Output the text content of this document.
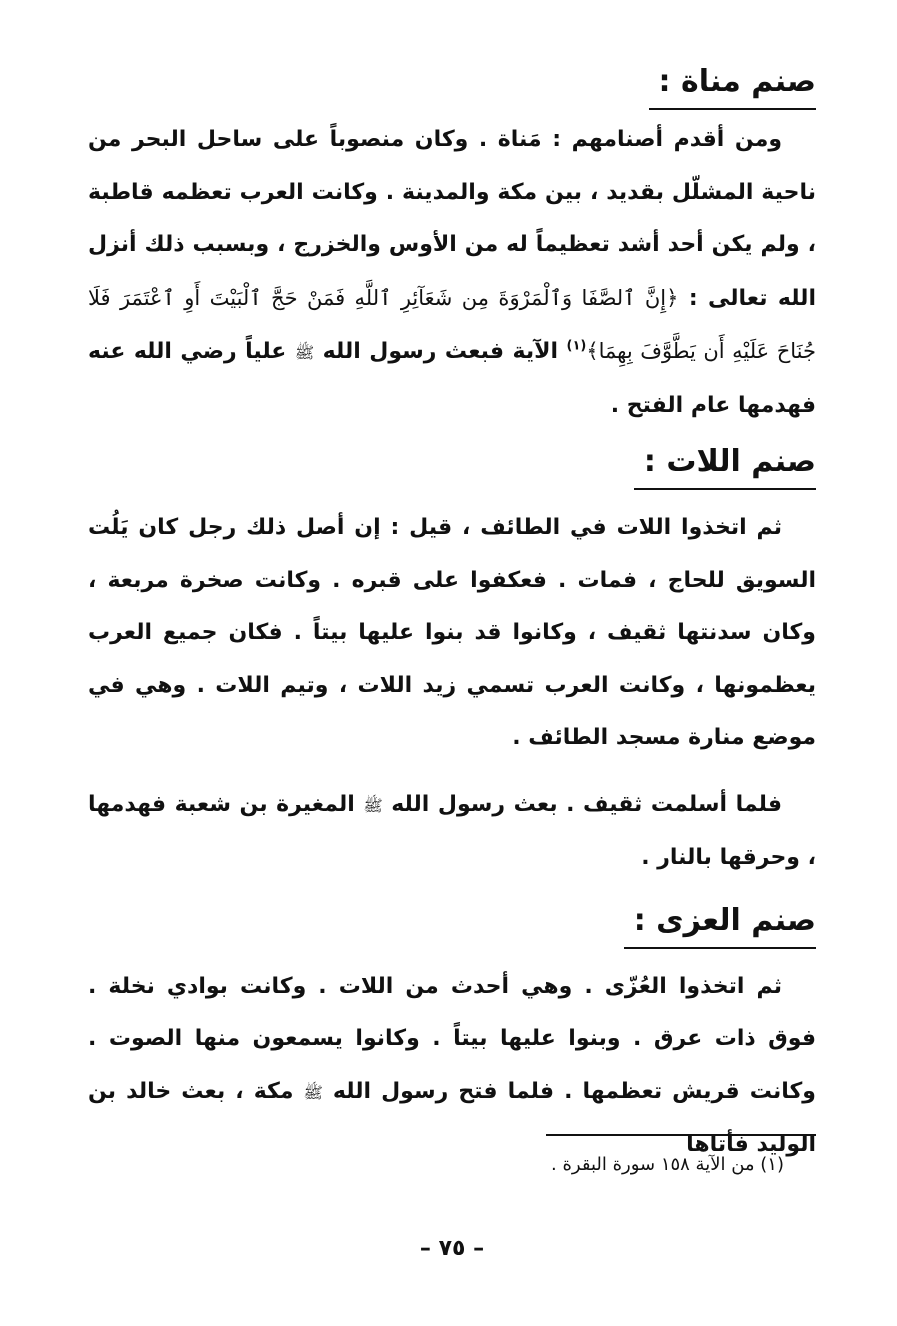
صنم مناة :

ومن أقدم أصنامهم : مَناة . وكان منصوباً على ساحل البحر من ناحية المشلّل بقديد ، بين مكة والمدينة . وكانت العرب تعظمه قاطبة ، ولم يكن أحد أشد تعظيماً له من الأوس والخزرج ، وبسبب ذلك أنزل الله تعالى : ﴿إِنَّ ٱلصَّفَا وَٱلْمَرْوَةَ مِن شَعَآئِرِ ٱللَّهِ فَمَنْ حَجَّ ٱلْبَيْتَ أَوِ ٱعْتَمَرَ فَلَا جُنَاحَ عَلَيْهِ أَن يَطَّوَّفَ بِهِمَا﴾$^{(١)}$ الآية فبعث رسول الله ﷺ علياً رضي الله عنه فهدمها عام الفتح .

صنم اللات :

ثم اتخذوا اللات في الطائف ، قيل : إن أصل ذلك رجل كان يَلُت السويق للحاج ، فمات . فعكفوا على قبره . وكانت صخرة مربعة ، وكان سدنتها ثقيف ، وكانوا قد بنوا عليها بيتاً . فكان جميع العرب يعظمونها ، وكانت العرب تسمي زيد اللات ، وتيم اللات . وهي في موضع منارة مسجد الطائف .

فلما أسلمت ثقيف . بعث رسول الله ﷺ المغيرة بن شعبة فهدمها ، وحرقها بالنار .

صنم العزى :

ثم اتخذوا العُزّى . وهي أحدث من اللات . وكانت بوادي نخلة . فوق ذات عرق . وبنوا عليها بيتاً . وكانوا يسمعون منها الصوت . وكانت قريش تعظمها . فلما فتح رسول الله ﷺ مكة ، بعث خالد بن الوليد فأتاها

(١) من الآية ١٥٨ سورة البقرة .
– ٧٥ –
